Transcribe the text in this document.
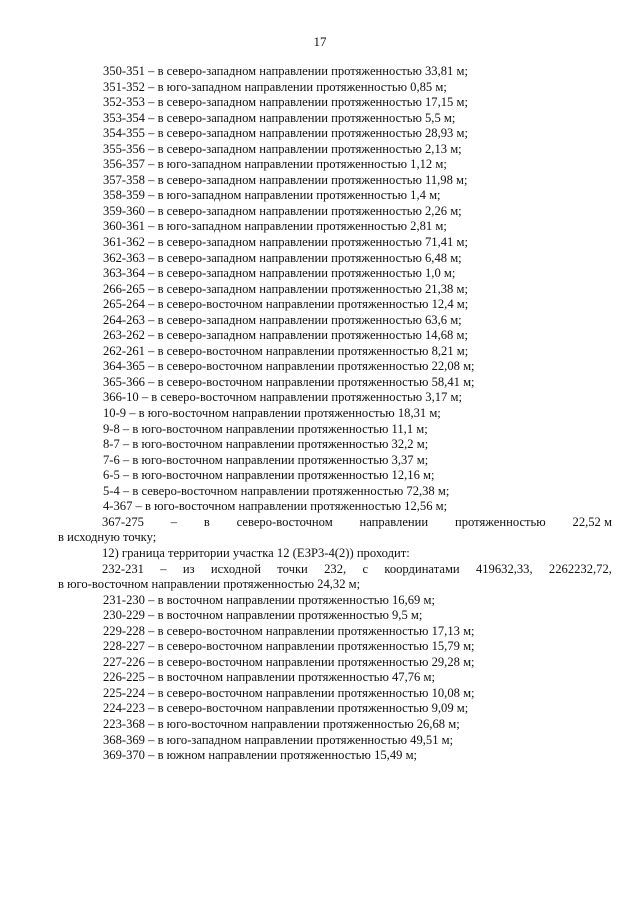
17
350-351 – в северо-западном направлении протяженностью 33,81 м;
351-352 – в юго-западном направлении протяженностью 0,85 м;
352-353 – в северо-западном направлении протяженностью 17,15 м;
353-354 – в северо-западном направлении протяженностью 5,5 м;
354-355 – в северо-западном направлении протяженностью 28,93 м;
355-356 – в северо-западном направлении протяженностью 2,13 м;
356-357 – в юго-западном направлении протяженностью 1,12 м;
357-358 – в северо-западном направлении протяженностью 11,98 м;
358-359 – в юго-западном направлении протяженностью 1,4 м;
359-360 – в северо-западном направлении протяженностью 2,26 м;
360-361 – в юго-западном направлении протяженностью 2,81 м;
361-362 – в северо-западном направлении протяженностью 71,41 м;
362-363 – в северо-западном направлении протяженностью 6,48 м;
363-364 – в северо-западном направлении протяженностью 1,0 м;
266-265 – в северо-западном направлении протяженностью 21,38 м;
265-264 – в северо-восточном направлении протяженностью 12,4 м;
264-263 – в северо-западном направлении протяженностью 63,6 м;
263-262 – в северо-западном направлении протяженностью 14,68 м;
262-261 – в северо-восточном направлении протяженностью 8,21 м;
364-365 – в северо-восточном направлении протяженностью 22,08 м;
365-366 – в северо-восточном направлении протяженностью 58,41 м;
366-10 – в северо-восточном направлении протяженностью 3,17 м;
10-9 – в юго-восточном направлении протяженностью 18,31 м;
9-8 – в юго-восточном направлении протяженностью 11,1 м;
8-7 – в юго-восточном направлении протяженностью 32,2 м;
7-6 – в юго-восточном направлении протяженностью 3,37 м;
6-5 – в юго-восточном направлении протяженностью 12,16 м;
5-4 – в северо-восточном направлении протяженностью 72,38 м;
4-367 – в юго-восточном направлении протяженностью 12,56 м;
367-275 – в северо-восточном направлении протяженностью 22,52 м
в исходную точку;
12) граница территории участка 12 (ЕЗР3-4(2)) проходит:
232-231 – из исходной точки 232, с координатами 419632,33, 2262232,72,
в юго-восточном направлении протяженностью 24,32 м;
231-230 – в восточном направлении протяженностью 16,69 м;
230-229 – в восточном направлении протяженностью 9,5 м;
229-228 – в северо-восточном направлении протяженностью 17,13 м;
228-227 – в северо-восточном направлении протяженностью 15,79 м;
227-226 – в северо-восточном направлении протяженностью 29,28 м;
226-225 – в восточном направлении протяженностью 47,76 м;
225-224 – в северо-восточном направлении протяженностью 10,08 м;
224-223 – в северо-восточном направлении протяженностью 9,09 м;
223-368 – в юго-восточном направлении протяженностью 26,68 м;
368-369 – в юго-западном направлении протяженностью 49,51 м;
369-370 – в южном направлении протяженностью 15,49 м;
